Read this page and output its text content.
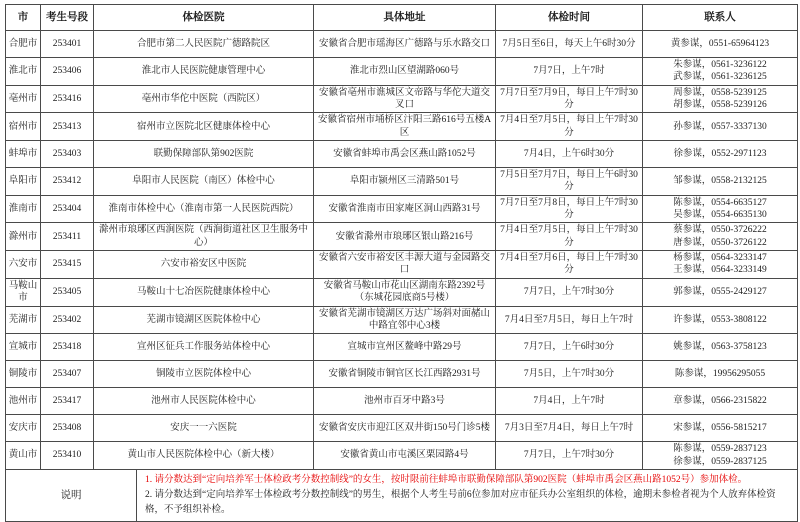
市	考生号段	体检医院	具体地址	体检时间	联系人
合肥市	253401	合肥市第二人民医院广德路院区	安徽省合肥市瑶海区广德路与乐水路交口	7月5日至6日，每天上午6时30分	黄参谋，0551-65964123

淮北市	253406	淮北市人民医院健康管理中心	淮北市烈山区望湖路060号	7月7日，上午7时	朱参谋，0561-3236122
武参谋，0561-3236125

亳州市	253416	亳州市华佗中医院（西院区）	安徽省亳州市谯城区文帝路与华佗大道交叉口	7月7日至7月9日，每日上午7时30分	周参谋，0558-5239125
胡参谋，0558-5239126

宿州市	253413	宿州市立医院北区健康体检中心	安徽省宿州市埇桥区汴阳三路616号五楼A区	7月4日至7月5日，每日上午7时30分	孙参谋，0557-3337130

蚌埠市	253403	联勤保障部队第902医院	安徽省蚌埠市禹会区燕山路1052号	7月4日，上午6时30分	徐参谋，0552-2971123

阜阳市	253412	阜阳市人民医院（南区）体检中心	阜阳市颍州区三清路501号	7月5日至7月7日，每日上午6时30分	邹参谋，0558-2132125

淮南市	253404	淮南市体检中心（淮南市第一人民医院西院）	安徽省淮南市田家庵区洞山西路31号	7月7日至7月8日，每日上午7时30分	陈参谋，0554-6635127
吴参谋，0554-6635130

滁州市	253411	滁州市琅琊区西涧医院（西涧街道社区卫生服务中心）	安徽省滁州市琅琊区银山路216号	7月4日至7月5日，每日上午7时30分	蔡参谋，0550-3726222
唐参谋，0550-3726122

六安市	253415	六安市裕安区中医院	安徽省六安市裕安区丰源大道与金园路交口	7月4日至7月6日，每日上午7时30分	杨参谋，0564-3233147
王参谋，0564-3233149

马鞍山市	253405	马鞍山十七冶医院健康体检中心	安徽省马鞍山市花山区湖南东路2392号（东城花园底商5号楼）	7月7日，上午7时30分	郭参谋，0555-2429127

芜湖市	253402	芜湖市镜湖区医院体检中心	安徽省芜湖市镜湖区万达广场斜对面赭山中路宜邻中心3楼	7月4日至7月5日，每日上午7时	许参谋，0553-3808122

宣城市	253418	宣州区征兵工作服务站体检中心	宣城市宣州区鳌峰中路29号	7月7日，上午6时30分	姚参谋，0563-3758123

铜陵市	253407	铜陵市立医院体检中心	安徽省铜陵市铜官区长江西路2931号	7月5日，上午7时30分	陈参谋，19956295055

池州市	253417	池州市人民医院体检中心	池州市百牙中路3号	7月4日，上午7时	章参谋，0566-2315822

安庆市	253408	安庆一一六医院	安徽省安庆市迎江区双井街150号门诊5楼	7月3日至7月4日，每日上午7时	宋参谋，0556-5815217

黄山市	253410	黄山市人民医院体检中心（新大楼）	安徽省黄山市屯溪区栗园路4号	7月7日，上午7时30分	陈参谋，0559-2837123
徐参谋，0559-2837125
说明	
1. 请分数达到“定向培养军士体检政考分数控制线”的女生，按时限前往蚌埠市联勤保障部队第902医院（蚌埠市禹会区燕山路1052号）参加体检。
2. 请分数达到“定向培养军士体检政考分数控制线”的男生，根据个人考生号前6位参加对应市征兵办公室组织的体检，逾期未参检者视为个人放弃体检资格，不予组织补检。
